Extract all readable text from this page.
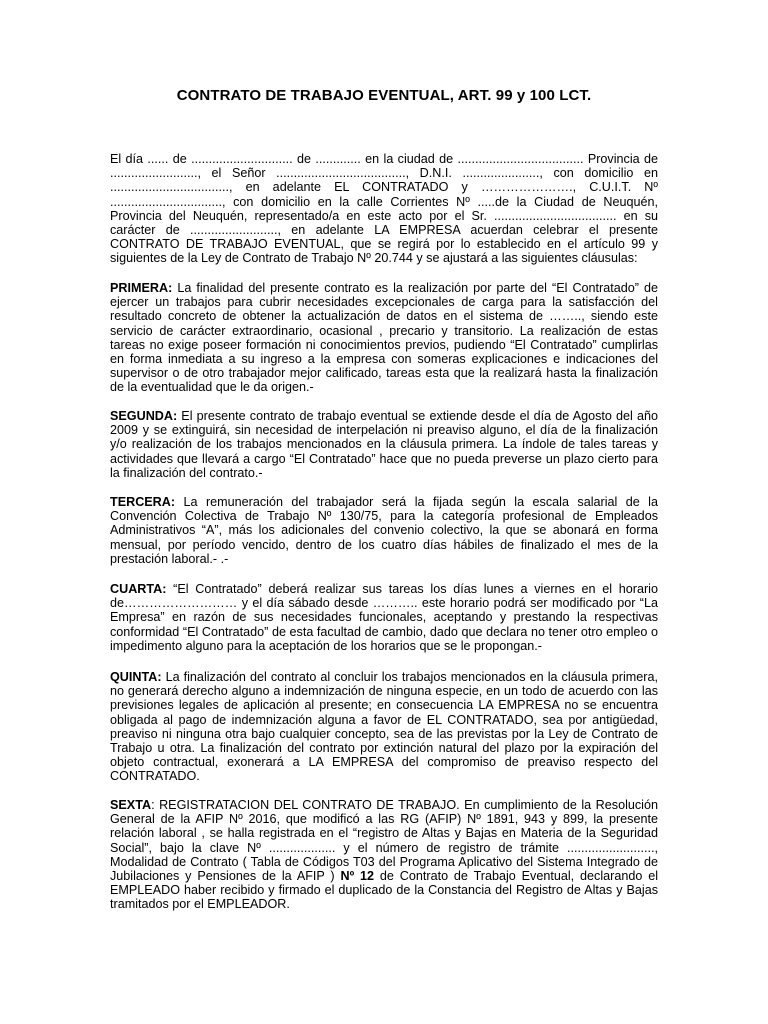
CONTRATO DE TRABAJO EVENTUAL, ART. 99 y 100 LCT.

El día ...... de ............................. de ............. en la ciudad de .................................... Provincia de ........................., el Señor ....................................., D.N.I. ......................, con domicilio en .................................., en adelante EL CONTRATADO y …………………., C.U.I.T. Nº ................................, con domicilio en la calle Corrientes Nº .....de la Ciudad de Neuquén, Provincia del Neuquén, representado/a en este acto por el Sr. ................................... en su carácter de ........................., en adelante LA EMPRESA acuerdan celebrar el presente CONTRATO DE TRABAJO EVENTUAL, que se regirá por lo establecido en el artículo 99 y siguientes de la Ley de Contrato de Trabajo Nº 20.744 y se ajustará a las siguientes cláusulas:

PRIMERA: La finalidad del presente contrato es la realización por parte del “El Contratado” de ejercer un trabajos para cubrir necesidades excepcionales de carga para la satisfacción del resultado concreto de obtener la actualización de datos en el sistema de …….., siendo este servicio de carácter extraordinario, ocasional , precario y transitorio. La realización de estas tareas no exige poseer formación ni conocimientos previos, pudiendo “El Contratado” cumplirlas en forma inmediata a su ingreso a la empresa con someras explicaciones e indicaciones del supervisor o de otro trabajador mejor calificado, tareas esta que la realizará hasta la finalización de la eventualidad que le da origen.-

SEGUNDA: El presente contrato de trabajo eventual se extiende desde el día de Agosto del año 2009 y se extinguirá, sin necesidad de interpelación ni preaviso alguno, el día de la finalización y/o realización de los trabajos mencionados en la cláusula primera. La índole de tales tareas y actividades que llevará a cargo “El Contratado” hace que no pueda preverse un plazo cierto para la finalización del contrato.-

TERCERA: La remuneración del trabajador será la fijada según la escala salarial de la Convención Colectiva de Trabajo Nº 130/75, para la categoría profesional de Empleados Administrativos “A”, más los adicionales del convenio colectivo, la que se abonará en forma mensual, por período vencido, dentro de los cuatro días hábiles de finalizado el mes de la prestación laboral.- .-

CUARTA: “El Contratado” deberá realizar sus tareas los días lunes a viernes en el horario de……………………… y el día sábado desde ……….. este horario podrá ser modificado por “La Empresa” en razón de sus necesidades funcionales, aceptando y prestando la respectivas conformidad “El Contratado” de esta facultad de cambio, dado que declara no tener otro empleo o impedimento alguno para la aceptación de los horarios que se le propongan.-

QUINTA: La finalización del contrato al concluir los trabajos mencionados en la cláusula primera, no generará derecho alguno a indemnización de ninguna especie, en un todo de acuerdo con las previsiones legales de aplicación al presente; en consecuencia LA EMPRESA no se encuentra obligada al pago de indemnización alguna a favor de EL CONTRATADO, sea por antigüedad, preaviso ni ninguna otra bajo cualquier concepto, sea de las previstas por la Ley de Contrato de Trabajo u otra. La finalización del contrato por extinción natural del plazo por la expiración del objeto contractual, exonerará a LA EMPRESA del compromiso de preaviso respecto del CONTRATADO.

SEXTA: REGISTRATACION DEL CONTRATO DE TRABAJO. En cumplimiento de la Resolución General de la AFIP Nº 2016, que modificó a las RG (AFIP) Nº 1891, 943 y 899, la presente relación laboral , se halla registrada en el “registro de Altas y Bajas en Materia de la Seguridad Social”, bajo la clave Nº ................... y el número de registro de trámite ........................., Modalidad de Contrato ( Tabla de Códigos T03 del Programa Aplicativo del Sistema Integrado de Jubilaciones y Pensiones de la AFIP ) Nº 12 de Contrato de Trabajo Eventual, declarando el EMPLEADO haber recibido y firmado el duplicado de la Constancia del Registro de Altas y Bajas tramitados por el EMPLEADOR.
